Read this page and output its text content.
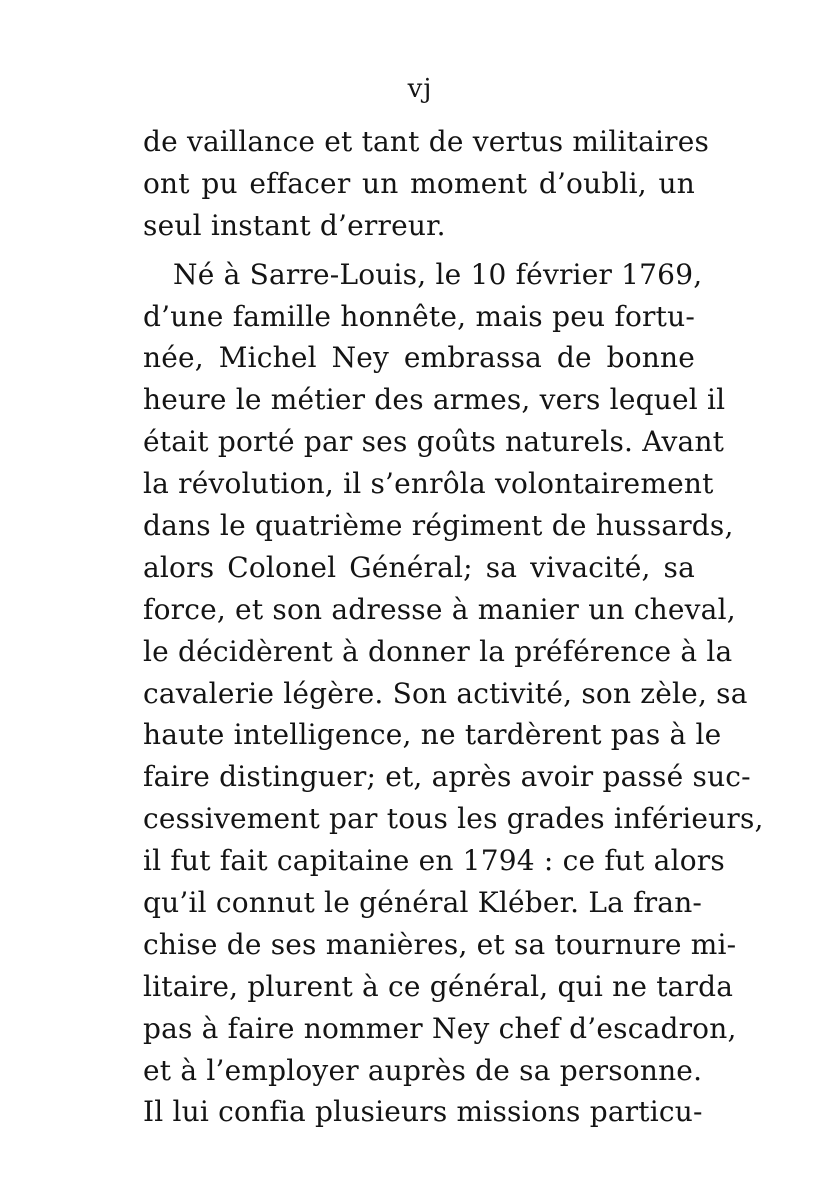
vj
de vaillance et tant de vertus militaires
ont pu effacer un moment d’oubli, un
seul instant d’erreur.
Né à Sarre-Louis, le 10 février 1769,
d’une famille honnête, mais peu fortu-
née, Michel Ney embrassa de bonne
heure le métier des armes, vers lequel il
était porté par ses goûts naturels. Avant
la révolution, il s’enrôla volontairement
dans le quatrième régiment de hussards,
alors Colonel Général; sa vivacité, sa
force, et son adresse à manier un cheval,
le décidèrent à donner la préférence à la
cavalerie légère. Son activité, son zèle, sa
haute intelligence, ne tardèrent pas à le
faire distinguer; et, après avoir passé suc-
cessivement par tous les grades inférieurs,
il fut fait capitaine en 1794 : ce fut alors
qu’il connut le général Kléber. La fran-
chise de ses manières, et sa tournure mi-
litaire, plurent à ce général, qui ne tarda
pas à faire nommer Ney chef d’escadron,
et à l’employer auprès de sa personne.
Il lui confia plusieurs missions particu-
